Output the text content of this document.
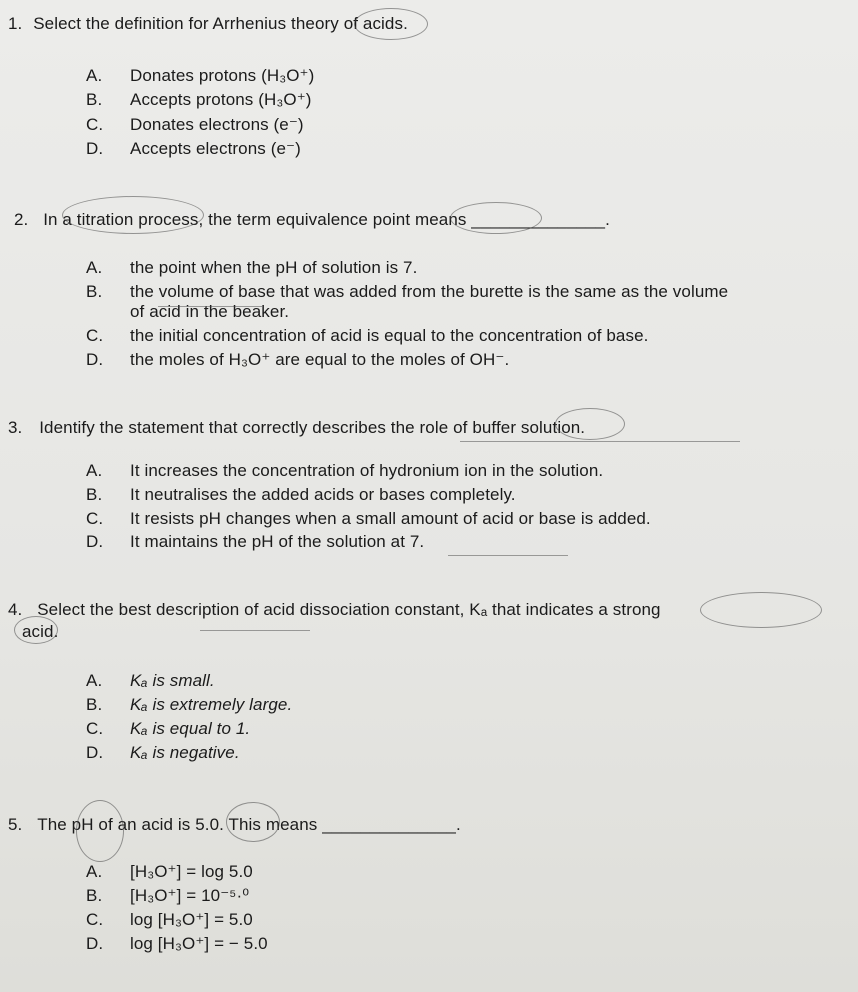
1. Select the definition for Arrhenius theory of acids.
A. Donates protons (H₃O⁺)
B. Accepts protons (H₃O⁺)
C. Donates electrons (e⁻)
D. Accepts electrons (e⁻)
2. In a titration process, the term equivalence point means ______________.
A. the point when the pH of solution is 7.
B. the volume of base that was added from the burette is the same as the volume
of acid in the beaker.
C. the initial concentration of acid is equal to the concentration of base.
D. the moles of H₃O⁺ are equal to the moles of OH⁻.
3. Identify the statement that correctly describes the role of buffer solution.
A. It increases the concentration of hydronium ion in the solution.
B. It neutralises the added acids or bases completely.
C. It resists pH changes when a small amount of acid or base is added.
D. It maintains the pH of the solution at 7.
4. Select the best description of acid dissociation constant, Kₐ that indicates a strong
acid.
A. Kₐ is small.
B. Kₐ is extremely large.
C. Kₐ is equal to 1.
D. Kₐ is negative.
5. The pH of an acid is 5.0. This means ______________.
A. [H₃O⁺] = log 5.0
B. [H₃O⁺] = 10⁻⁵·⁰
C. log [H₃O⁺] = 5.0
D. log [H₃O⁺] = − 5.0
